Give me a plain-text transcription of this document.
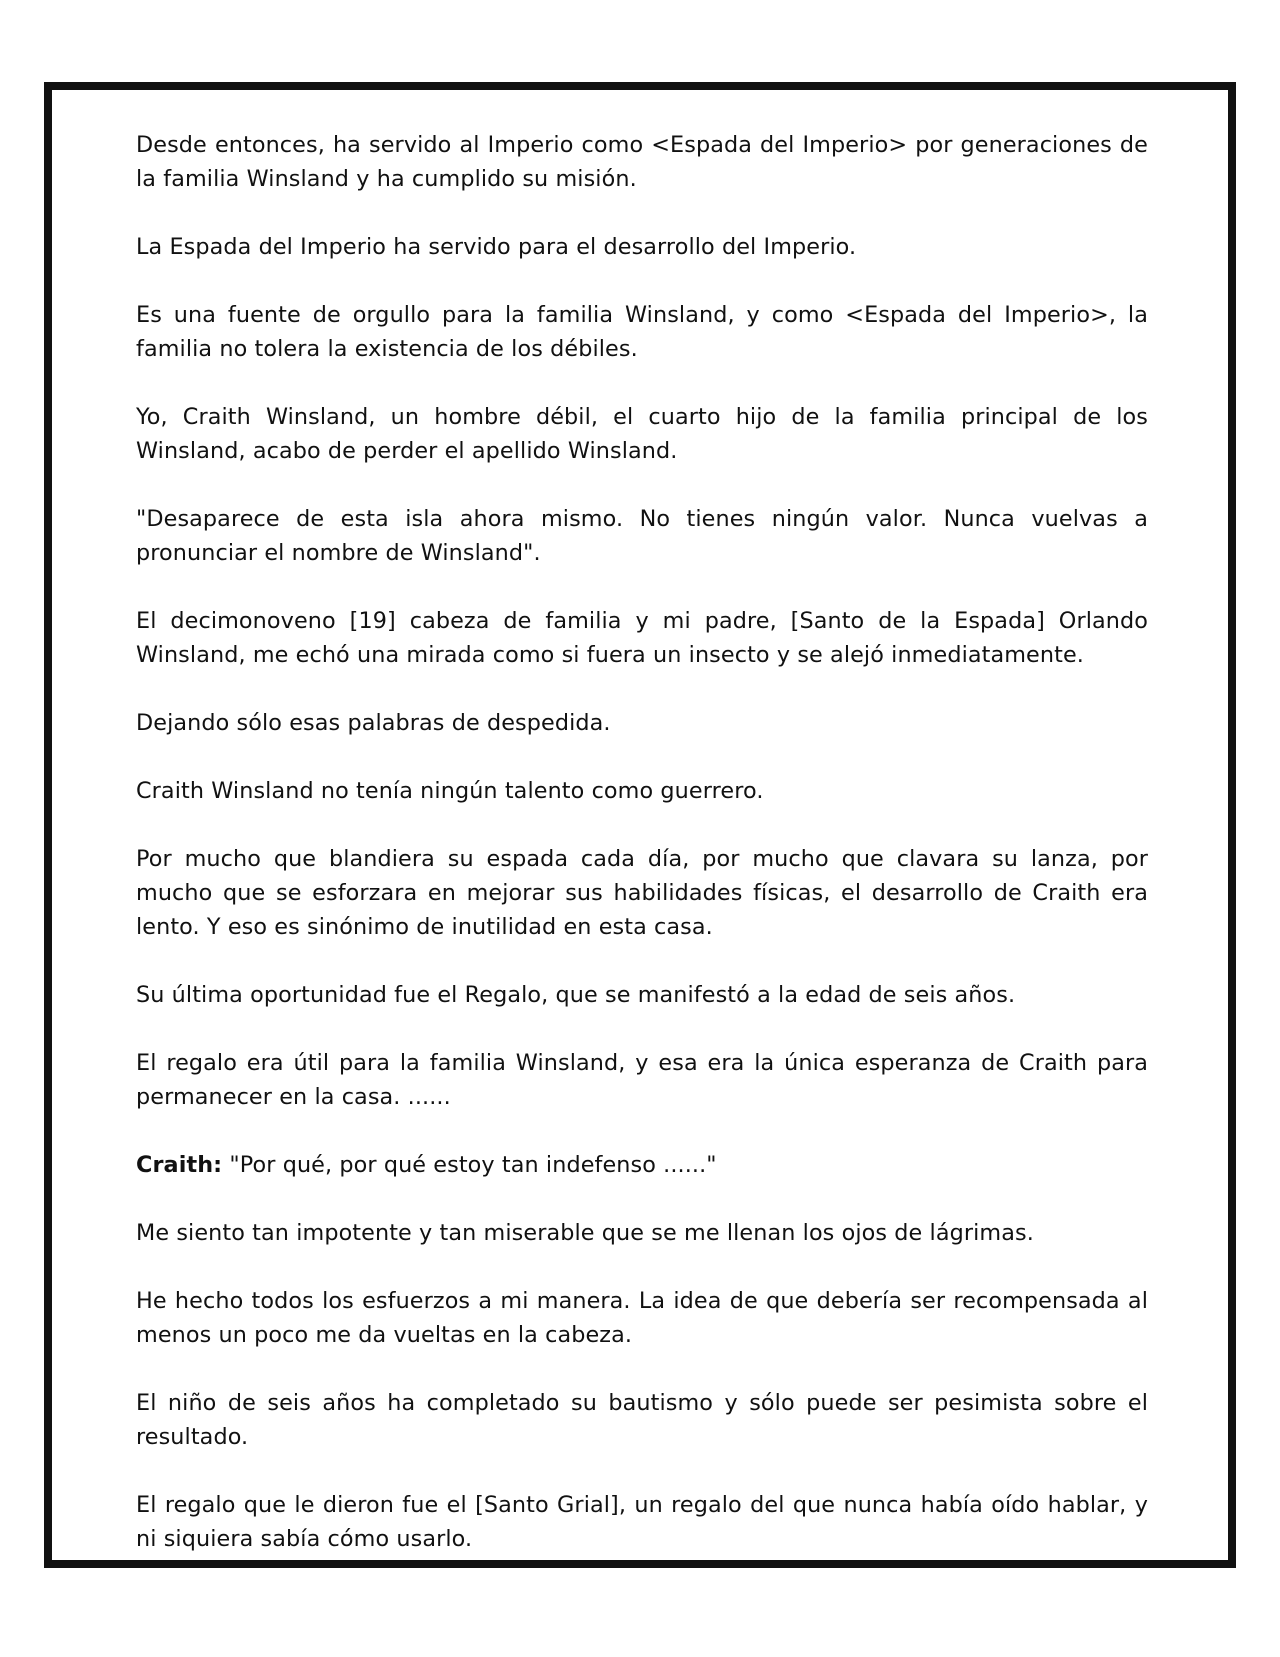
Desde entonces, ha servido al Imperio como <Espada del Imperio> por generaciones de la familia Winsland y ha cumplido su misión.

La Espada del Imperio ha servido para el desarrollo del Imperio.

Es una fuente de orgullo para la familia Winsland, y como <Espada del Imperio>, la familia no tolera la existencia de los débiles.

Yo, Craith Winsland, un hombre débil, el cuarto hijo de la familia principal de los Winsland, acabo de perder el apellido Winsland.

"Desaparece de esta isla ahora mismo. No tienes ningún valor. Nunca vuelvas a pronunciar el nombre de Winsland".

El decimonoveno [19] cabeza de familia y mi padre, [Santo de la Espada] Orlando Winsland, me echó una mirada como si fuera un insecto y se alejó inmediatamente.

Dejando sólo esas palabras de despedida.

Craith Winsland no tenía ningún talento como guerrero.

Por mucho que blandiera su espada cada día, por mucho que clavara su lanza, por mucho que se esforzara en mejorar sus habilidades físicas, el desarrollo de Craith era lento. Y eso es sinónimo de inutilidad en esta casa.

Su última oportunidad fue el Regalo, que se manifestó a la edad de seis años.

El regalo era útil para la familia Winsland, y esa era la única esperanza de Craith para permanecer en la casa. ......

Craith: "Por qué, por qué estoy tan indefenso ......"

Me siento tan impotente y tan miserable que se me llenan los ojos de lágrimas.

He hecho todos los esfuerzos a mi manera. La idea de que debería ser recompensada al menos un poco me da vueltas en la cabeza.

El niño de seis años ha completado su bautismo y sólo puede ser pesimista sobre el resultado.

El regalo que le dieron fue el [Santo Grial], un regalo del que nunca había oído hablar, y ni siquiera sabía cómo usarlo.
